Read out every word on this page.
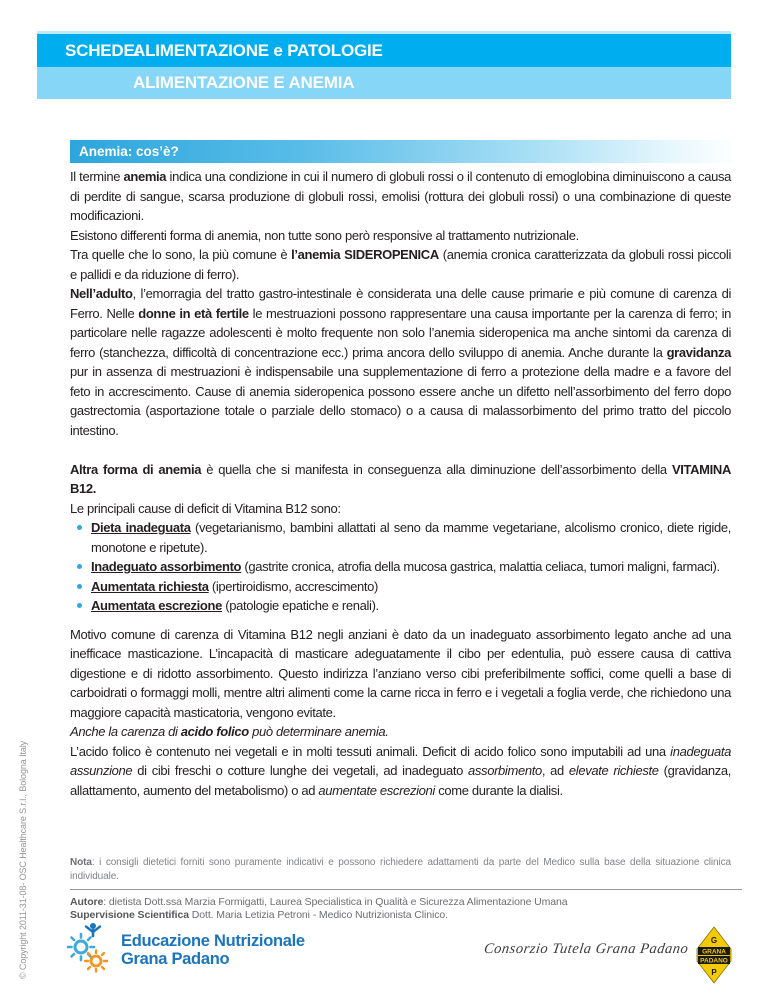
© Copyright 2011-31-08- OSC Healthcare S.r.l., Bologna Italy
SCHEDE:
ALIMENTAZIONE e PATOLOGIE
ALIMENTAZIONE E ANEMIA
Anemia: cos’è?

Il termine anemia indica una condizione in cui il numero di globuli rossi o il contenuto di emoglobina diminuiscono a causa di perdite di sangue, scarsa produzione di globuli rossi, emolisi (rottura dei globuli rossi) o una combinazione di queste modificazioni.

Esistono differenti forma di anemia, non tutte sono però responsive al trattamento nutrizionale.

Tra quelle che lo sono, la più comune è l’anemia SIDEROPENICA (anemia cronica caratterizzata da globuli rossi piccoli e pallidi e da riduzione di ferro).

Nell’adulto, l’emorragia del tratto gastro-intestinale è considerata una delle cause primarie e più comune di carenza di Ferro. Nelle donne in età fertile le mestruazioni possono rappresentare una causa importante per la carenza di ferro; in particolare nelle ragazze adolescenti è molto frequente non solo l’anemia sideropenica ma anche sintomi da carenza di ferro (stanchezza, difficoltà di concentrazione ecc.) prima ancora dello sviluppo di anemia. Anche durante la gravidanza pur in assenza di mestruazioni è indispensabile una supplementazione di ferro a protezione della madre e a favore del feto in accrescimento. Cause di anemia sideropenica possono essere anche un difetto nell’assorbimento del ferro dopo gastrectomia (asportazione totale o parziale dello stomaco) o a causa di malassorbimento del primo tratto del piccolo intestino.

Altra forma di anemia è quella che si manifesta in conseguenza alla diminuzione dell’assorbimento della VITAMINA B12.

Le principali cause di deficit di Vitamina B12 sono:

Dieta inadeguata (vegetarianismo, bambini allattati al seno da mamme vegetariane, alcolismo cronico, diete rigide, monotone e ripetute).
Inadeguato assorbimento (gastrite cronica, atrofia della mucosa gastrica, malattia celiaca, tumori maligni, farmaci).
Aumentata richiesta (ipertiroidismo, accrescimento)
Aumentata escrezione (patologie epatiche e renali).

Motivo comune di carenza di Vitamina B12 negli anziani è dato da un inadeguato assorbimento legato anche ad una inefficace masticazione. L’incapacità di masticare adeguatamente il cibo per edentulia, può essere causa di cattiva digestione e di ridotto assorbimento. Questo indirizza l’anziano verso cibi preferibilmente soffici, come quelli a base di carboidrati o formaggi molli, mentre altri alimenti come la carne ricca in ferro e i vegetali a foglia verde, che richiedono una maggiore capacità masticatoria, vengono evitate.

Anche la carenza di acido folico può determinare anemia.

L’acido folico è contenuto nei vegetali e in molti tessuti animali. Deficit di acido folico sono imputabili ad una inadeguata assunzione di cibi freschi o cotture lunghe dei vegetali, ad inadeguato assorbimento, ad elevate richieste (gravidanza, allattamento, aumento del metabolismo) o ad aumentate escrezioni come durante la dialisi.

Nota: i consigli dietetici forniti sono puramente indicativi e possono richiedere adattamenti da parte del Medico sulla base della situazione clinica individuale.
Autore: dietista Dott.ssa Marzia Formigatti, Laurea Specialistica in Qualità e Sicurezza Alimentazione Umana
Supervisione Scientifica Dott. Maria Letizia Petroni - Medico Nutrizionista Clinico.
Educazione Nutrizionale
Grana Padano
Consorzio Tutela Grana Padano
G
GRANA
PADANO
P
